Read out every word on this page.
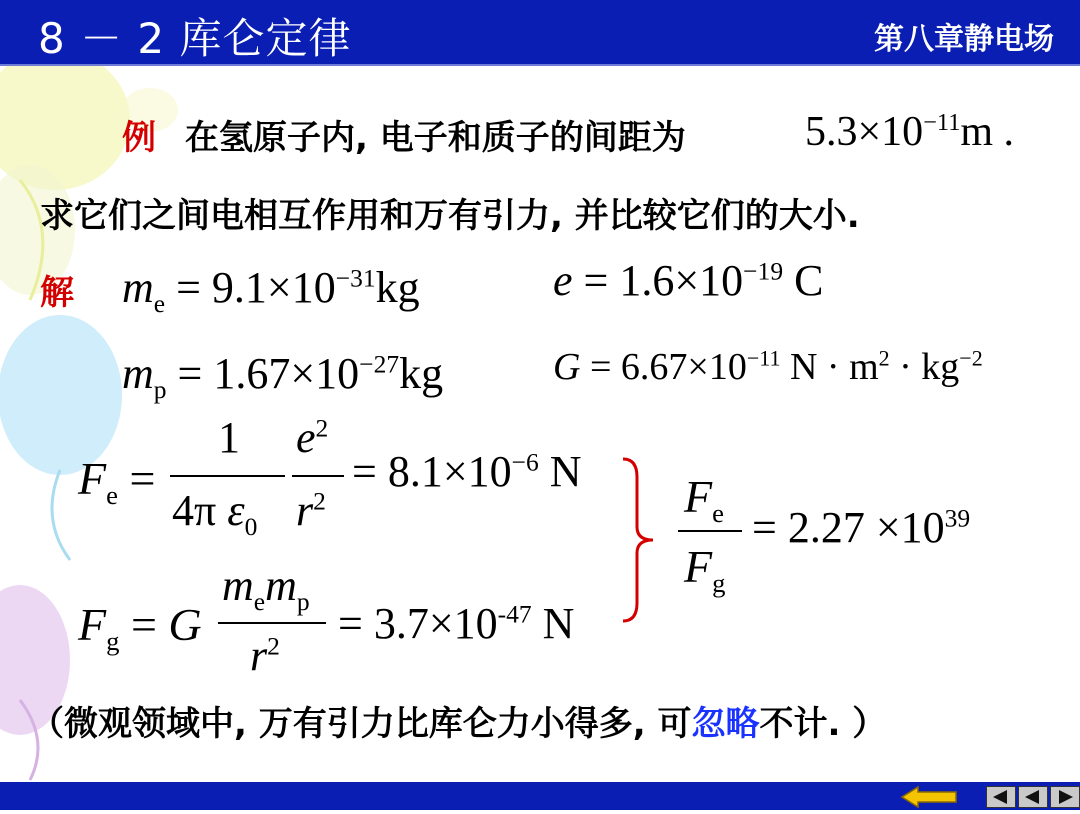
8 － 2 库仑定律	第八章静电场
例 在氢原子内, 电子和质子的间距为	$5.3\times 10^{-11}m$ .
求它们之间电相互作用和万有引力, 并比较它们的大小.
解 $m_e = 9.1\times 10^{-31}kg$	$e = 1.6\times 10^{-19}$ C
$m_p = 1.67\times 10^{-27}kg$	$G = 6.67\times 10^{-11}$ $N \cdot m^2 \cdot kg^{-2}$
$F_e$ =
1
4π $\varepsilon_0$
$e^2$
$r^2$
= $8.1\times 10^{-6}$ N
$F_g = G$
$m_em_p$
$r^2 = 3.7\times 10^{-47}$ N
$F_e$
$F_g$
= $2.27 \times 10^{39}$
（微观领域中, 万有引力比库仑力小得多, 可忽略不计. ）
